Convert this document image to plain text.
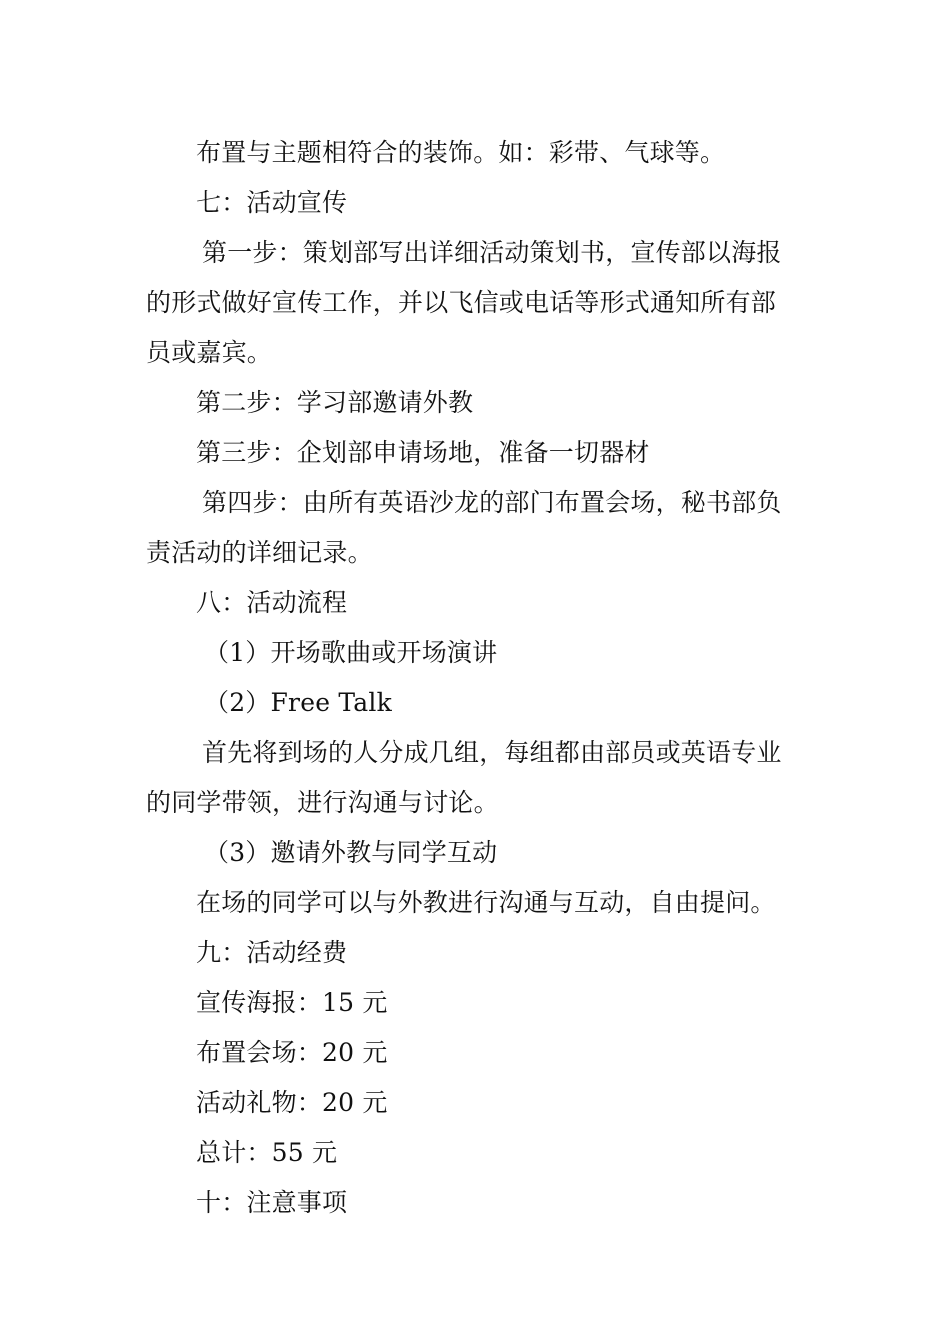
布置与主题相符合的装饰。如：彩带、气球等。
七：活动宣传
第一步：策划部写出详细活动策划书，宣传部以海报
的形式做好宣传工作，并以飞信或电话等形式通知所有部
员或嘉宾。
第二步：学习部邀请外教
第三步：企划部申请场地，准备一切器材
第四步：由所有英语沙龙的部门布置会场，秘书部负
责活动的详细记录。
八：活动流程
（1）开场歌曲或开场演讲
（2）Free Talk
首先将到场的人分成几组，每组都由部员或英语专业
的同学带领，进行沟通与讨论。
（3）邀请外教与同学互动
在场的同学可以与外教进行沟通与互动，自由提问。
九：活动经费
宣传海报：15 元
布置会场：20 元
活动礼物：20 元
总计：55 元
十：注意事项
